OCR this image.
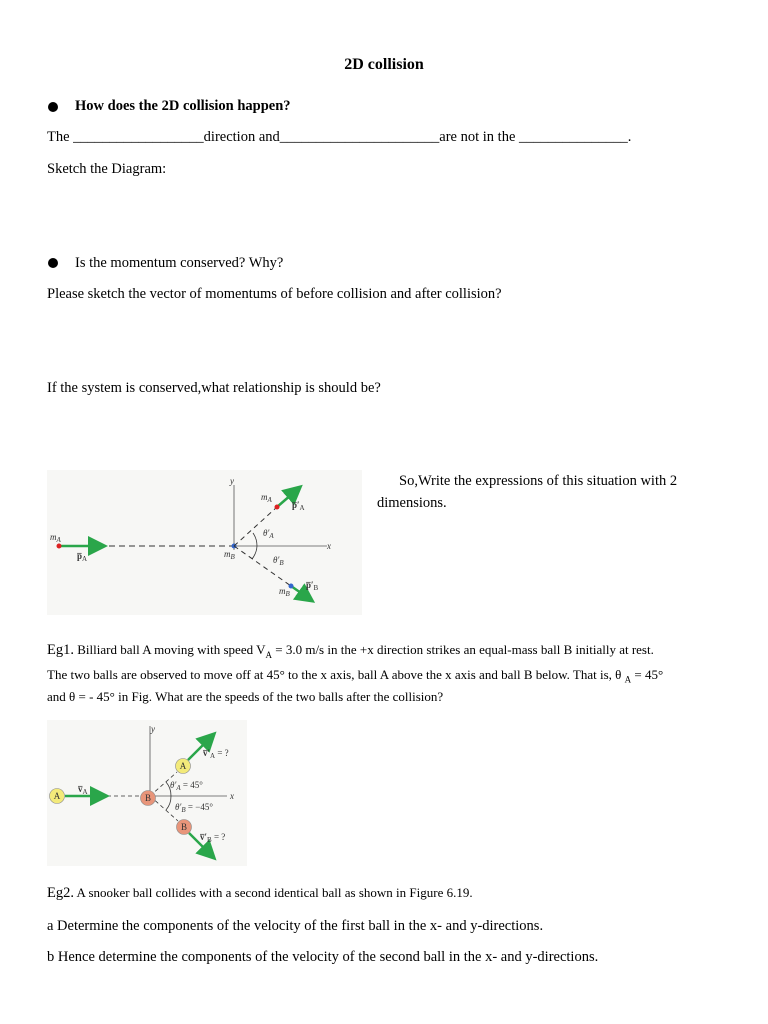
2D collision
How does the 2D collision happen?
The __________________direction and______________________are not in the _______________.
Sketch the Diagram:
Is the momentum conserved? Why?
Please sketch the vector of momentums of before collision and after collision?
If the system is conserved,what relationship is should be?
So,Write the expressions of this situation with 2
dimensions.
y
x
$m_A$
$p̅_A$	$m_B$
$m_A$ $p̅'_A$
$\theta'_A$
$\theta'_B$
$m_B$
$p̅'_B$
Eg1. Billiard ball A moving with speed $V_A = 3.0$ m/s in the +x direction strikes an equal-mass ball B initially at rest.
The two balls are observed to move off at 45° to the x axis, ball A above the x axis and ball B below. That is, θ $_A$ = 45°
and θ = - 45° in Fig. What are the speeds of the two balls after the collision?
A	B
A
B
y
x
$v̅_A$
$v̅'_A$ = ?
$\theta'_A = 45^\circ$
$\theta'_B = -45^\circ$
$v̅'_B$ = ?
Eg2. A snooker ball collides with a second identical ball as shown in Figure 6.19.
a Determine the components of the velocity of the first ball in the x- and y-directions.
b Hence determine the components of the velocity of the second ball in the x- and y-directions.
